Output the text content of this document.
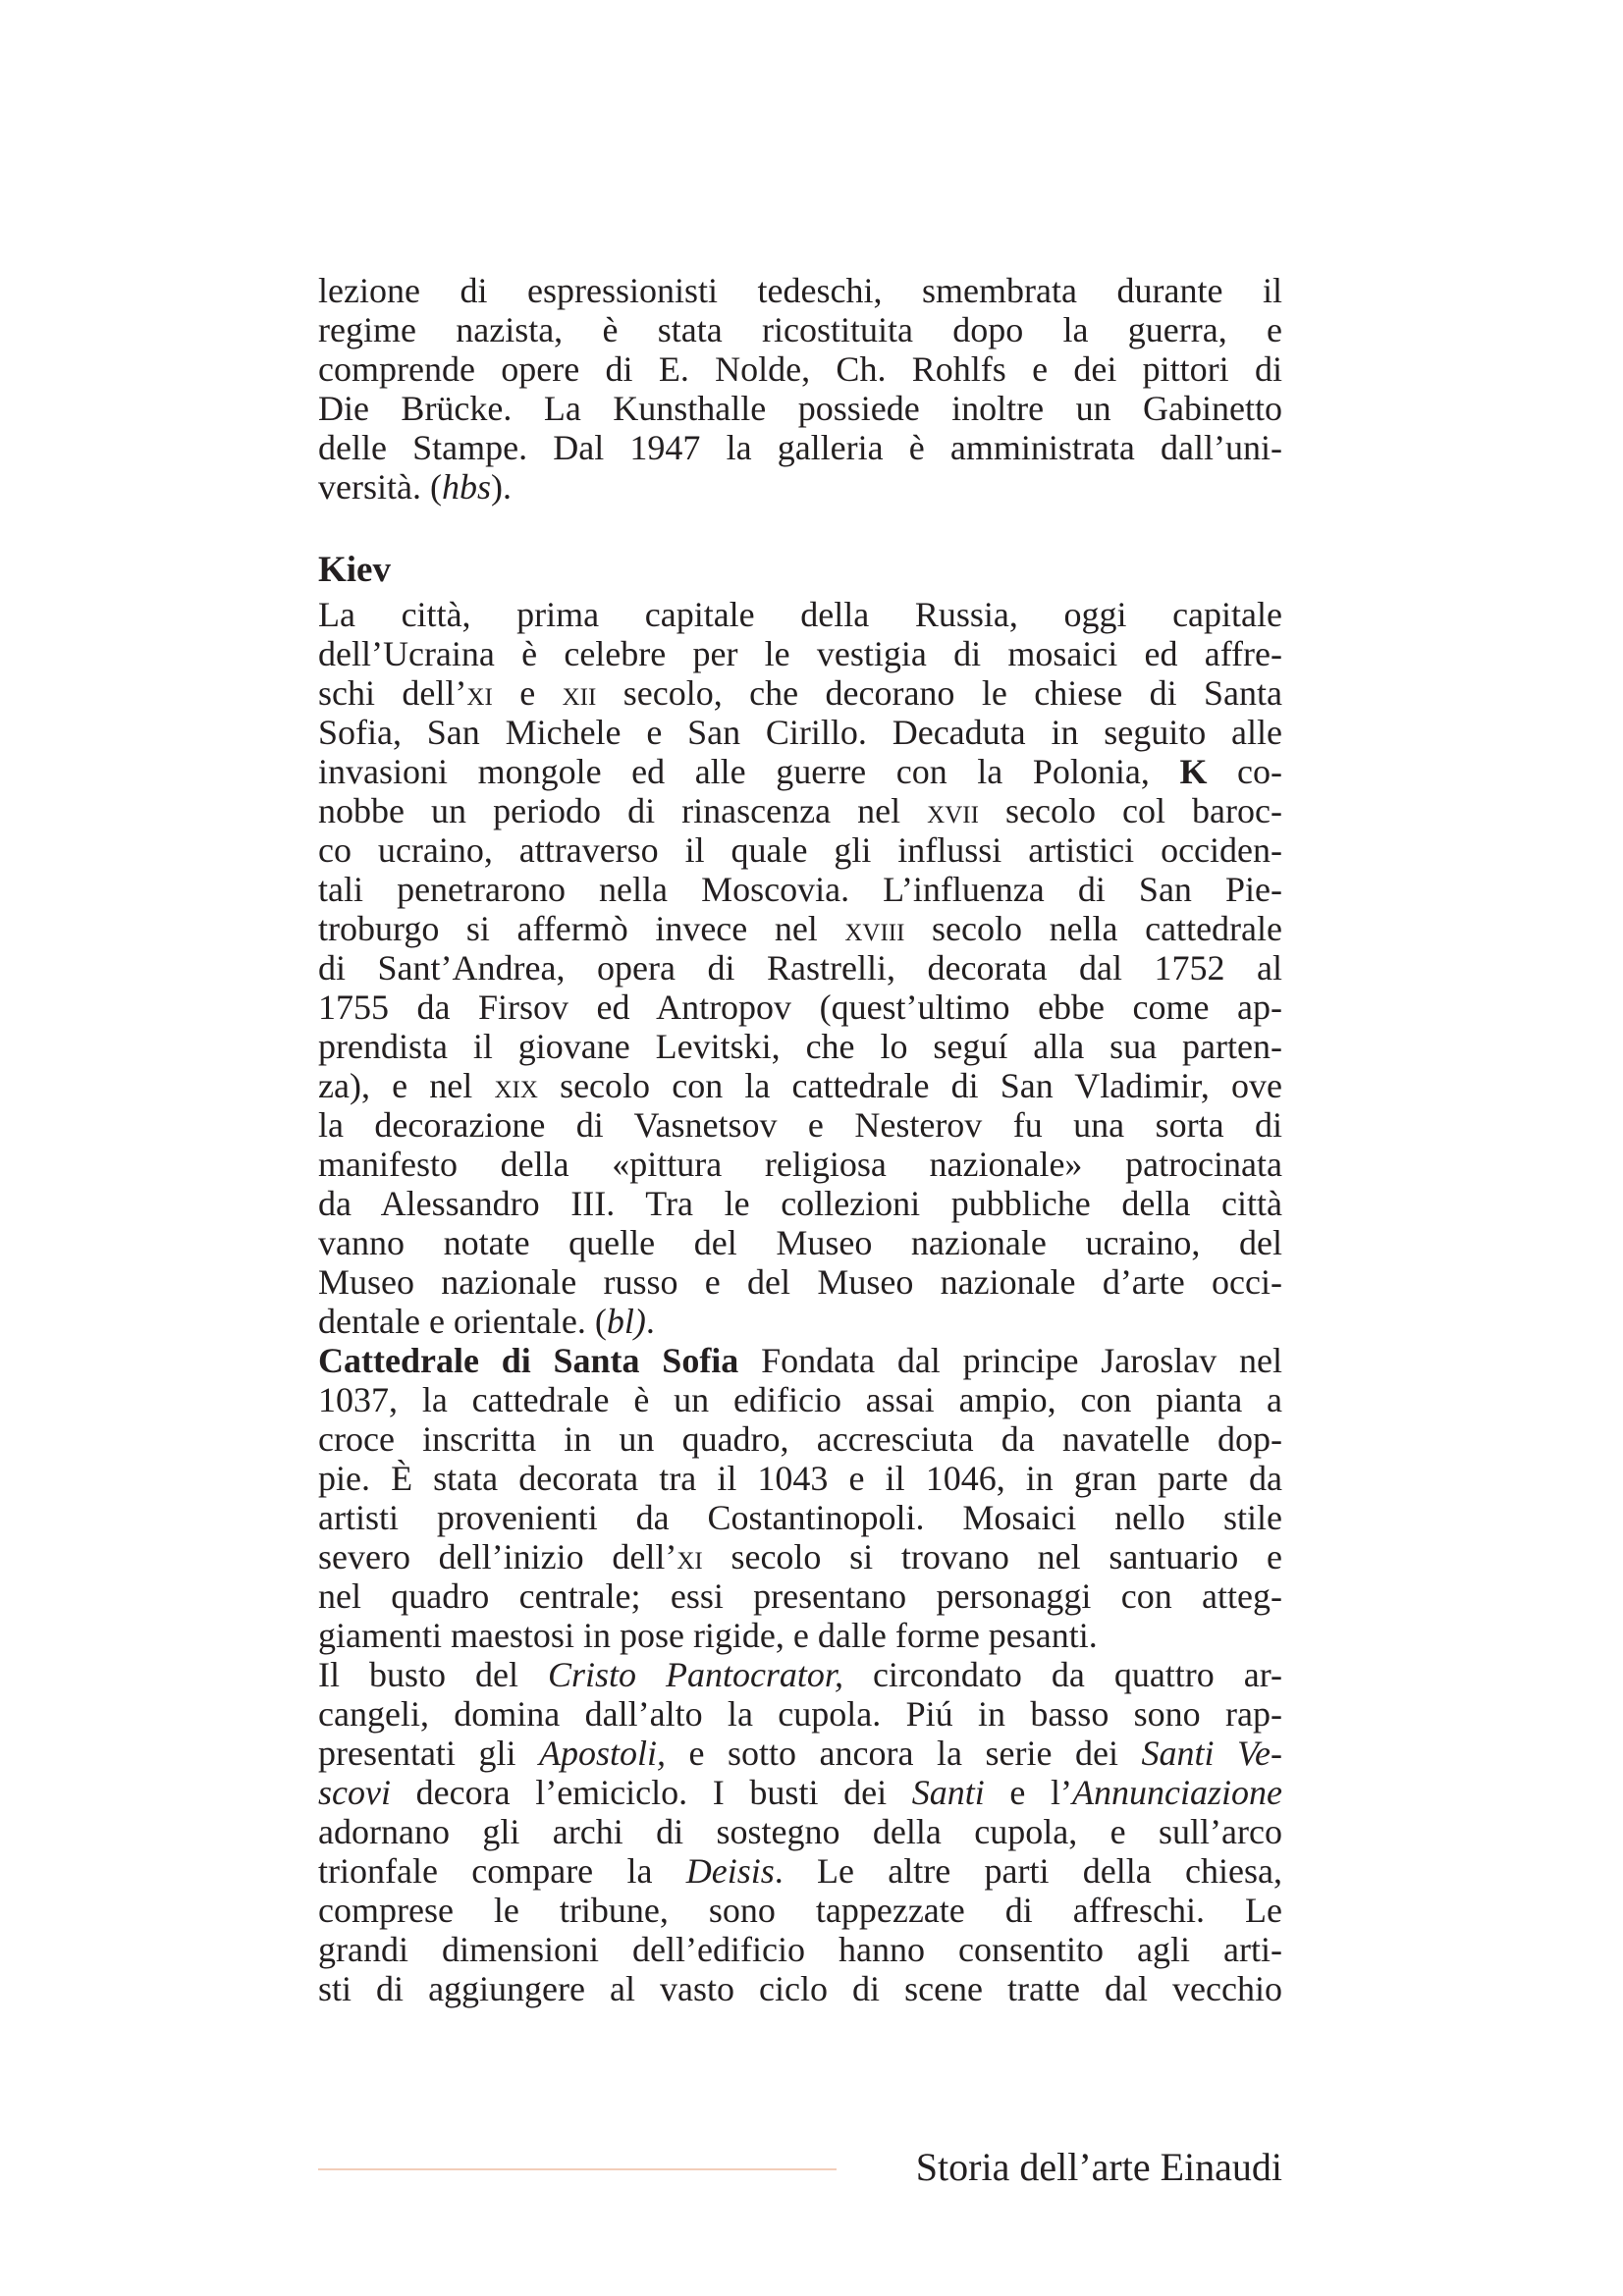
lezione di espressionisti tedeschi, smembrata durante il
regime nazista, è stata ricostituita dopo la guerra, e
comprende opere di E. Nolde, Ch. Rohlfs e dei pittori di
Die Brücke. La Kunsthalle possiede inoltre un Gabinetto
delle Stampe. Dal 1947 la galleria è amministrata dall’uni-
versità. (hbs).

Kiev

La città, prima capitale della Russia, oggi capitale
dell’Ucraina è celebre per le vestigia di mosaici ed affre-
schi dell’xi e xii secolo, che decorano le chiese di Santa
Sofia, San Michele e San Cirillo. Decaduta in seguito alle
invasioni mongole ed alle guerre con la Polonia, K co-
nobbe un periodo di rinascenza nel xvii secolo col baroc-
co ucraino, attraverso il quale gli influssi artistici occiden-
tali penetrarono nella Moscovia. L’influenza di San Pie-
troburgo si affermò invece nel xviii secolo nella cattedrale
di Sant’Andrea, opera di Rastrelli, decorata dal 1752 al
1755 da Firsov ed Antropov (quest’ultimo ebbe come ap-
prendista il giovane Levitski, che lo seguí alla sua parten-
za), e nel xix secolo con la cattedrale di San Vladimir, ove
la decorazione di Vasnetsov e Nesterov fu una sorta di
manifesto della «pittura religiosa nazionale» patrocinata
da Alessandro III. Tra le collezioni pubbliche della città
vanno notate quelle del Museo nazionale ucraino, del
Museo nazionale russo e del Museo nazionale d’arte occi-
dentale e orientale. (bl).

Cattedrale di Santa Sofia Fondata dal principe Jaroslav nel
1037, la cattedrale è un edificio assai ampio, con pianta a
croce inscritta in un quadro, accresciuta da navatelle dop-
pie. È stata decorata tra il 1043 e il 1046, in gran parte da
artisti provenienti da Costantinopoli. Mosaici nello stile
severo dell’inizio dell’xi secolo si trovano nel santuario e
nel quadro centrale; essi presentano personaggi con atteg-
giamenti maestosi in pose rigide, e dalle forme pesanti.

Il busto del Cristo Pantocrator, circondato da quattro ar-
cangeli, domina dall’alto la cupola. Piú in basso sono rap-
presentati gli Apostoli, e sotto ancora la serie dei Santi Ve-
scovi decora l’emiciclo. I busti dei Santi e l’Annunciazione
adornano gli archi di sostegno della cupola, e sull’arco
trionfale compare la Deisis. Le altre parti della chiesa,
comprese le tribune, sono tappezzate di affreschi. Le
grandi dimensioni dell’edificio hanno consentito agli arti-
sti di aggiungere al vasto ciclo di scene tratte dal vecchio

Storia dell’arte Einaudi
